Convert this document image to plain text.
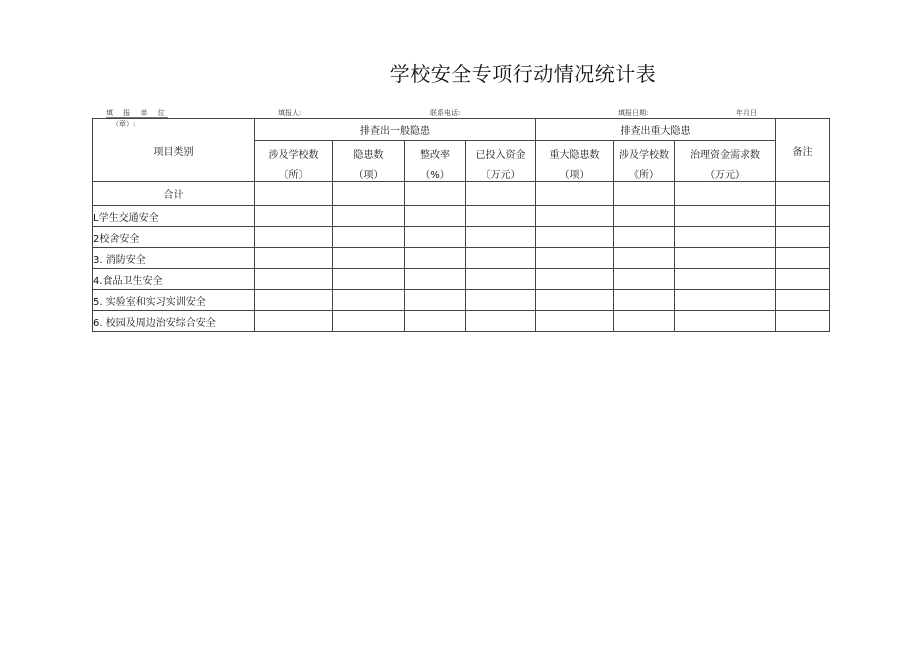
学校安全专项行动情况统计表
填 报 单 位
（章）:
填报人:	联系电话:	填报日期:	年月日
项目类别	排查出一般隐患				排查出重大隐患			备注
	涉及学校数	隐患数	整改率	已投入资金	重大隐患数	涉及学校数	治理资金需求数	
	〔所〕	（项）	（%）	〔万元）	（项）	《所）	（万元）	
合计								
L学生交通安全								
2校舍安全								
3. 消防安全								
4.食品卫生安全								
5. 实验室和实习实训安全								
6. 校园及周边治安综合安全								
